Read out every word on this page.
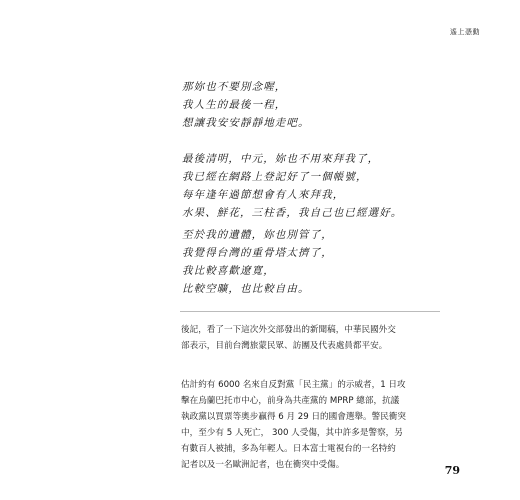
遙上憑動
那妳也不要別念喔，
我人生的最後一程，
想讓我安安靜靜地走吧。
最後清明，中元，妳也不用來拜我了，
我已經在網路上登記好了一個帳號，
每年逢年過節想會有人來拜我，
水果、鮮花，三柱香，我自己也已經選好。
至於我的遺體，妳也別管了，
我覺得台灣的重骨塔太擠了，
我比較喜歡遼寬，
比較空曠，也比較自由。
後記，看了一下這次外交部發出的新聞稿，中華民國外交
部表示，目前台灣旅蒙民眾、訪團及代表處員都平安。
估計約有 6000 名來自反對黨「民主黨」的示威者，1 日攻
擊在烏蘭巴托市中心，前身為共產黨的 MPRP 總部，抗議
執政黨以買票等奧步贏得 6 月 29 日的國會選舉。警民衝突
中，至少有 5 人死亡， 300 人受傷，其中許多是警察，另
有數百人被捕，多為年輕人。日本富士電視台的一名特約
記者以及一名歐洲記者，也在衝突中受傷。	79
